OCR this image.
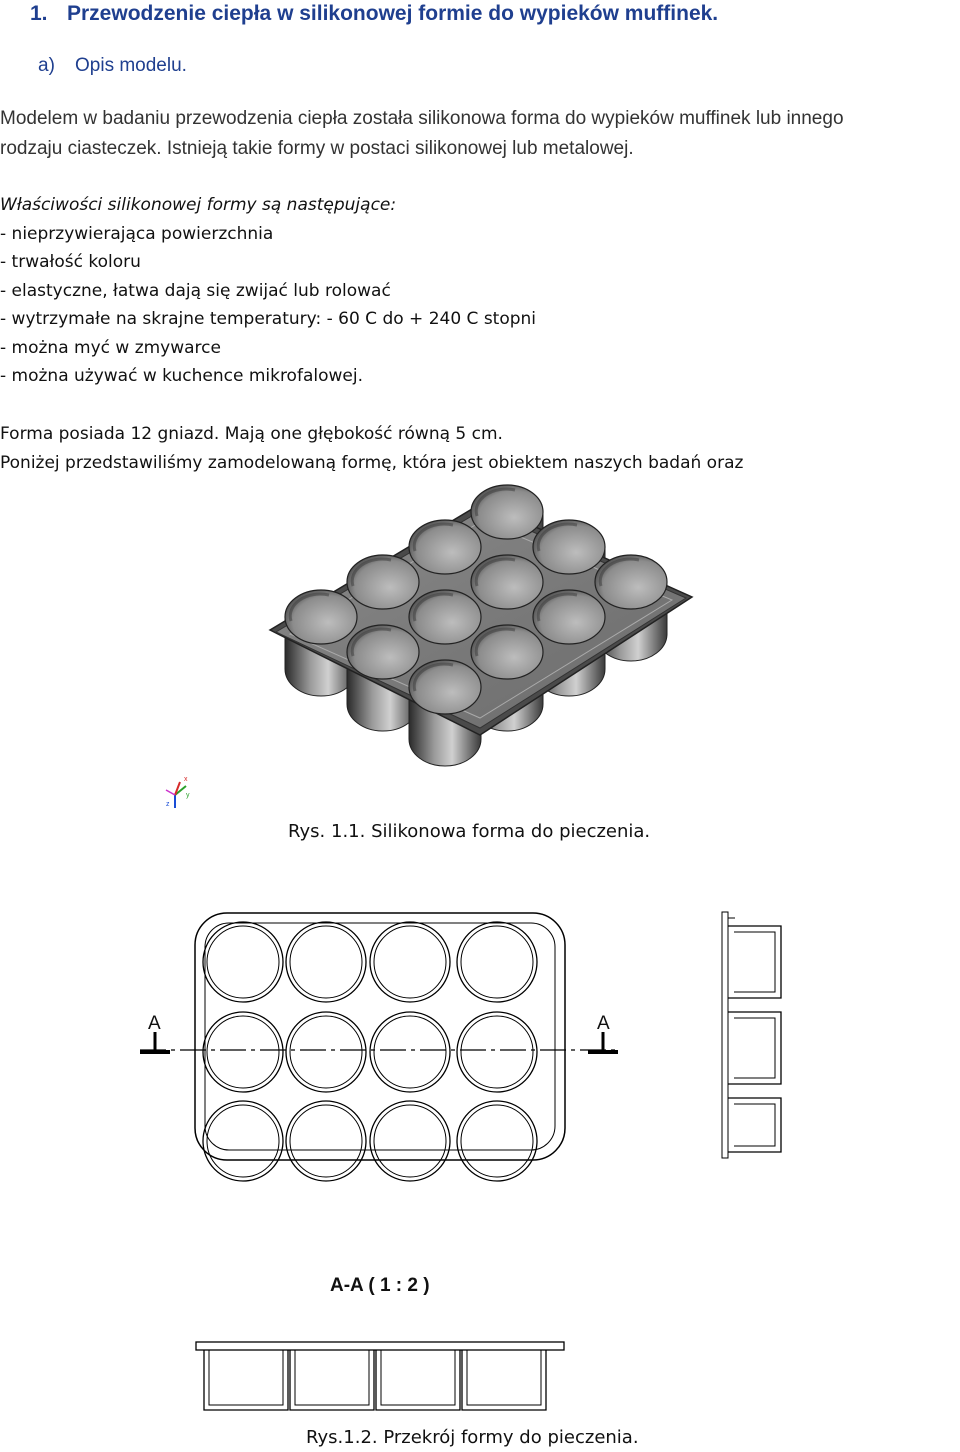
1. Przewodzenie ciepła w silikonowej formie do wypieków muffinek.
a) Opis modelu.
Modelem w badaniu przewodzenia ciepła została silikonowa forma do wypieków muffinek lub innego
rodzaju ciasteczek. Istnieją takie formy w postaci silikonowej lub metalowej.
Właściwości silikonowej formy są następujące:
- nieprzywierająca powierzchnia
- trwałość koloru
- elastyczne, łatwa dają się zwijać lub rolować
- wytrzymałe na skrajne temperatury: - 60 C do + 240 C stopni
- można myć w zmywarce
- można używać w kuchence mikrofalowej.
Forma posiada 12 gniazd. Mają one głębokość równą 5 cm.
Poniżej przedstawiliśmy zamodelowaną formę, która jest obiektem naszych badań oraz
x
z
y
Rys. 1.1. Silikonowa forma do pieczenia.
A	A
A-A ( 1 : 2 )
Rys.1.2. Przekrój formy do pieczenia.
